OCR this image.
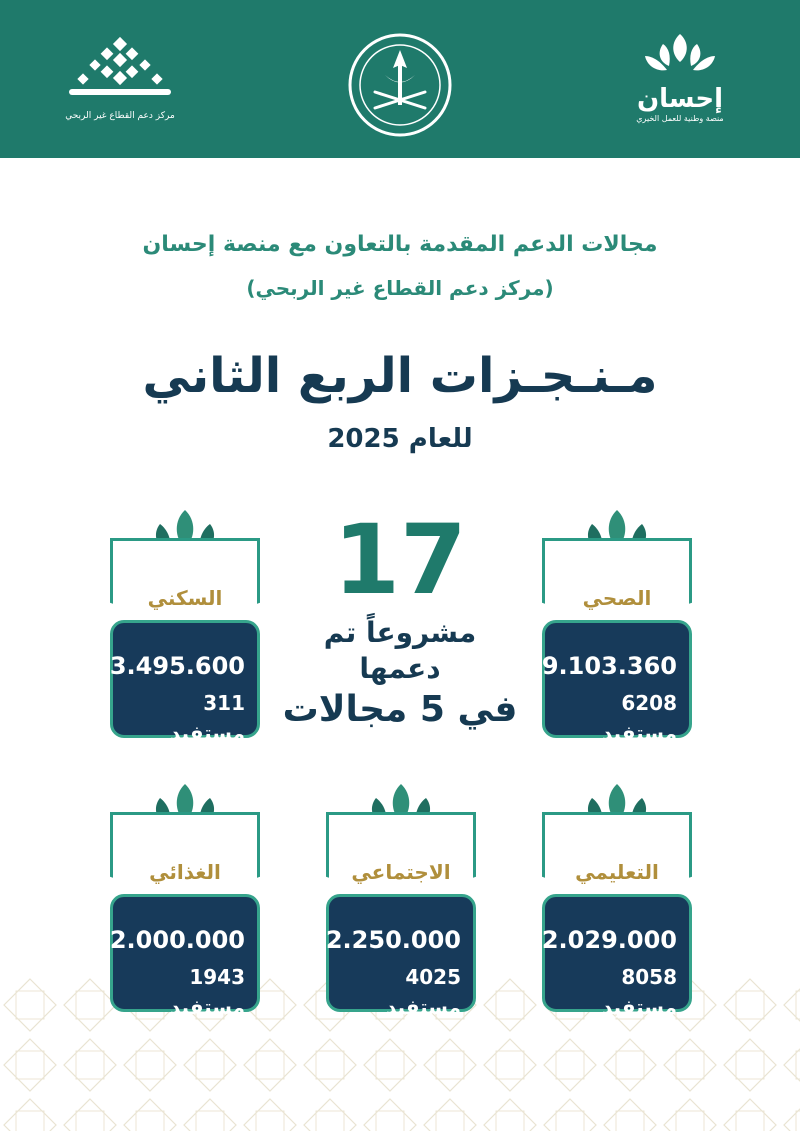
مركز دعم القطاع غير الربحي
إحسان
منصة وطنية للعمل الخيري
مجالات الدعم المقدمة بالتعاون مع منصة إحسان
(مركز دعم القطاع غير الربحي)
مـنـجـزات الربع الثاني
للعام 2025
17
مشروعاً تم دعمها
في 5 مجالات
الصحي
9.103.360ر.س
6208 مستفيد
السكني
3.495.600ر.س
311 مستفيد
التعليمي
2.029.000ر.س
8058 مستفيد
الاجتماعي
2.250.000ر.س
4025 مستفيد
الغذائي
2.000.000ر.س
1943 مستفيد
